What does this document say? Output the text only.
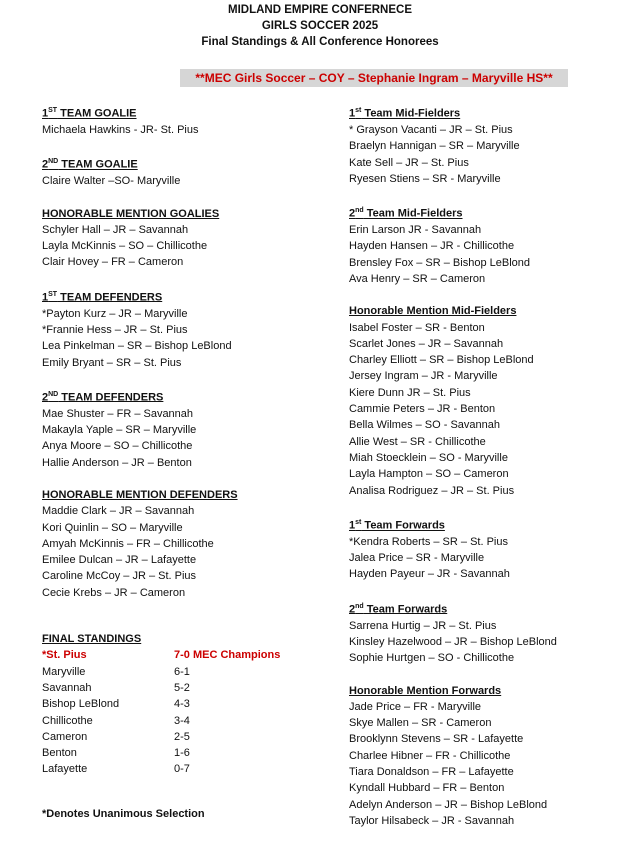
MIDLAND EMPIRE CONFERNECE
GIRLS SOCCER 2025
Final Standings & All Conference Honorees
**MEC Girls Soccer – COY – Stephanie Ingram – Maryville HS**
1ST TEAM GOALIE
Michaela Hawkins - JR- St. Pius
2ND TEAM GOALIE
Claire Walter –SO- Maryville
HONORABLE MENTION GOALIES
Schyler Hall – JR – Savannah
Layla McKinnis – SO – Chillicothe
Clair Hovey – FR – Cameron
1ST TEAM DEFENDERS
*Payton Kurz – JR – Maryville
*Frannie Hess – JR – St. Pius
Lea Pinkelman – SR – Bishop LeBlond
Emily Bryant – SR – St. Pius
2ND TEAM DEFENDERS
Mae Shuster – FR – Savannah
Makayla Yaple – SR – Maryville
Anya Moore – SO – Chillicothe
Hallie Anderson – JR – Benton
HONORABLE MENTION DEFENDERS
Maddie Clark – JR – Savannah
Kori Quinlin – SO – Maryville
Amyah McKinnis – FR – Chillicothe
Emilee Dulcan – JR – Lafayette
Caroline McCoy – JR – St. Pius
Cecie Krebs – JR – Cameron
FINAL STANDINGS
*St. Pius	7-0 MEC Champions
Maryville	6-1
Savannah	5-2
Bishop LeBlond	4-3
Chillicothe	3-4
Cameron	2-5
Benton	1-6
Lafayette	0-7
1st Team Mid-Fielders
* Grayson Vacanti – JR – St. Pius
Braelyn Hannigan – SR – Maryville
Kate Sell – JR – St. Pius
Ryesen Stiens – SR - Maryville
2nd Team Mid-Fielders
Erin Larson JR - Savannah
Hayden Hansen – JR - Chillicothe
Brensley Fox – SR – Bishop LeBlond
Ava Henry – SR – Cameron
Honorable Mention Mid-Fielders
Isabel Foster – SR - Benton
Scarlet Jones – JR – Savannah
Charley Elliott – SR – Bishop LeBlond
Jersey Ingram – JR - Maryville
Kiere Dunn JR – St. Pius
Cammie Peters – JR - Benton
Bella Wilmes – SO - Savannah
Allie West – SR - Chillicothe
Miah Stoecklein – SO - Maryville
Layla Hampton – SO – Cameron
Analisa Rodriguez – JR – St. Pius
1st Team Forwards
*Kendra Roberts – SR – St. Pius
Jalea Price – SR - Maryville
Hayden Payeur – JR - Savannah
2nd Team Forwards
Sarrena Hurtig – JR – St. Pius
Kinsley Hazelwood – JR – Bishop LeBlond
Sophie Hurtgen – SO - Chillicothe
Honorable Mention Forwards
Jade Price – FR - Maryville
Skye Mallen – SR - Cameron
Brooklynn Stevens – SR - Lafayette
Charlee Hibner – FR - Chillicothe
Tiara Donaldson – FR – Lafayette
Kyndall Hubbard – FR – Benton
Adelyn Anderson – JR – Bishop LeBlond
Taylor Hilsabeck – JR - Savannah
*Denotes Unanimous Selection
